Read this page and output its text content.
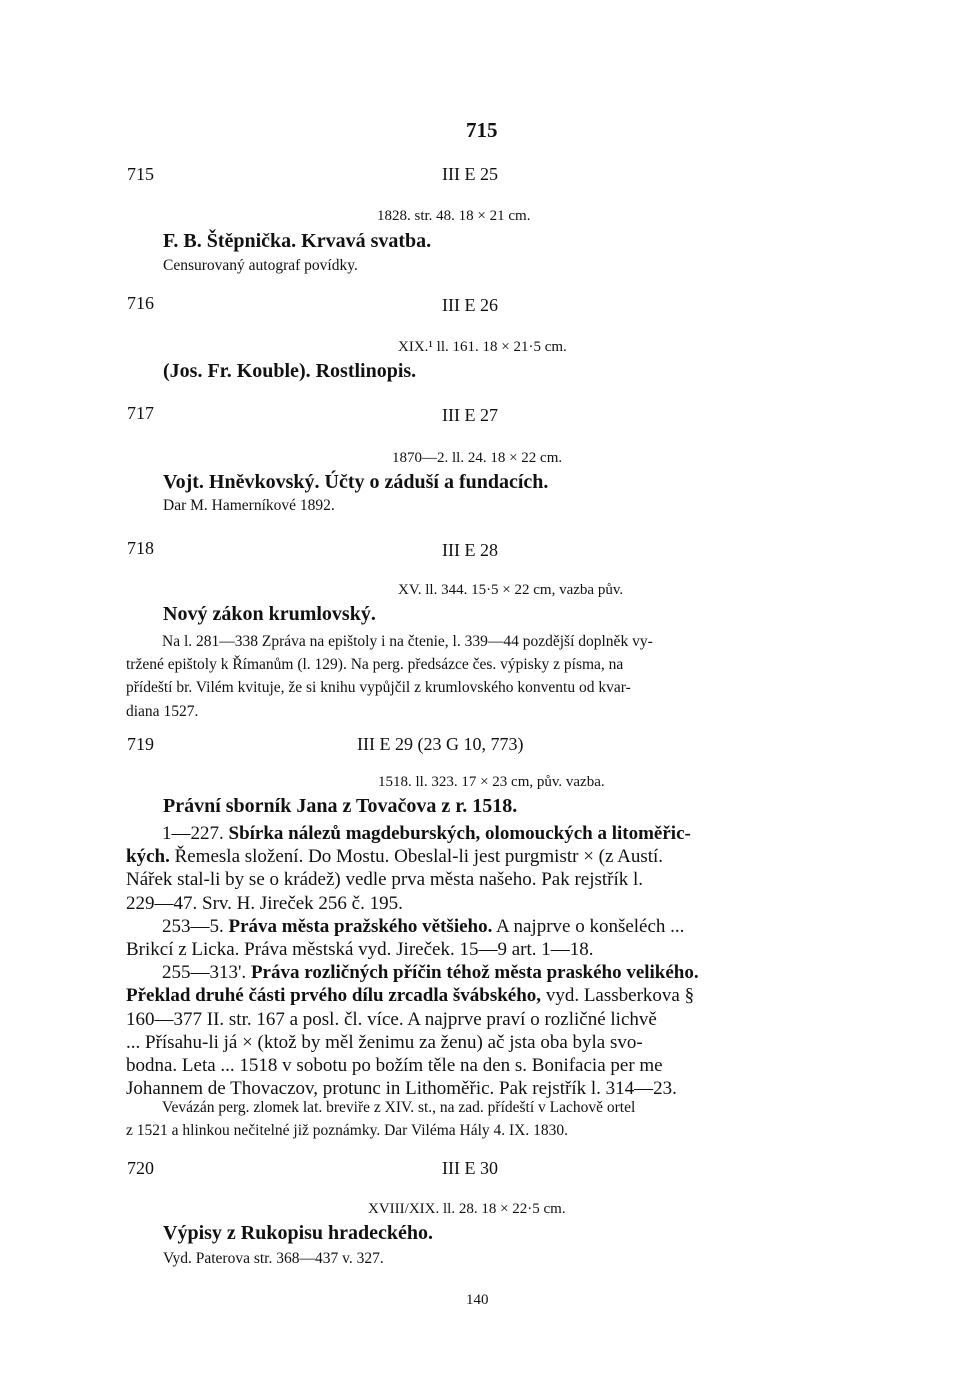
715
715	III E 25
1828. str. 48. 18 × 21 cm.
F. B. Štěpnička. Krvavá svatba.
Censurovaný autograf povídky.
716	III E 26
XIX.¹ ll. 161. 18 × 21·5 cm.
(Jos. Fr. Kouble). Rostlinopis.
717	III E 27
1870—2. ll. 24. 18 × 22 cm.
Vojt. Hněvkovský. Účty o záduší a fundacích.
Dar M. Hamerníkové 1892.
718	III E 28
XV. ll. 344. 15·5 × 22 cm, vazba pův.
Nový zákon krumlovský.
Na l. 281—338 Zpráva na epištoly i na čtenie, l. 339—44 pozdější doplněk vy-
tržené epištoly k Římanům (l. 129). Na perg. předsázce čes. výpisky z písma, na
přídeští br. Vilém kvituje, že si knihu vypůjčil z krumlovského konventu od kvar-
diana 1527.
719	III E 29 (23 G 10, 773)
1518. ll. 323. 17 × 23 cm, pův. vazba.
Právní sborník Jana z Tovačova z r. 1518.
1—227. Sbírka nálezů magdeburských, olomouckých a litoměřic-
kých. Řemesla složení. Do Mostu. Obeslal-li jest purgmistr × (z Austí.
Nářek stal-li by se o krádež) vedle prva města našeho. Pak rejstřík l.
229—47. Srv. H. Jireček 256 č. 195.
253—5. Práva města pražského většieho. A najprve o konšeléch ...
Brikcí z Licka. Práva městská vyd. Jireček. 15—9 art. 1—18.
255—313'. Práva rozličných příčin téhož města praského velikého.
Překlad druhé části prvého dílu zrcadla švábského, vyd. Lassberkova §
160—377 II. str. 167 a posl. čl. více. A najprve praví o rozličné lichvě
... Přísahu-li já × (ktož by měl ženimu za ženu) ač jsta oba byla svo-
bodna. Leta ... 1518 v sobotu po božím těle na den s. Bonifacia per me
Johannem de Thovaczov, protunc in Lithoměřic. Pak rejstřík l. 314—23.
Vevázán perg. zlomek lat. breviře z XIV. st., na zad. přídeští v Lachově ortel
z 1521 a hlinkou nečitelné již poznámky. Dar Viléma Hály 4. IX. 1830.
720	III E 30
XVIII/XIX. ll. 28. 18 × 22·5 cm.
Výpisy z Rukopisu hradeckého.
Vyd. Paterova str. 368—437 v. 327.
140
